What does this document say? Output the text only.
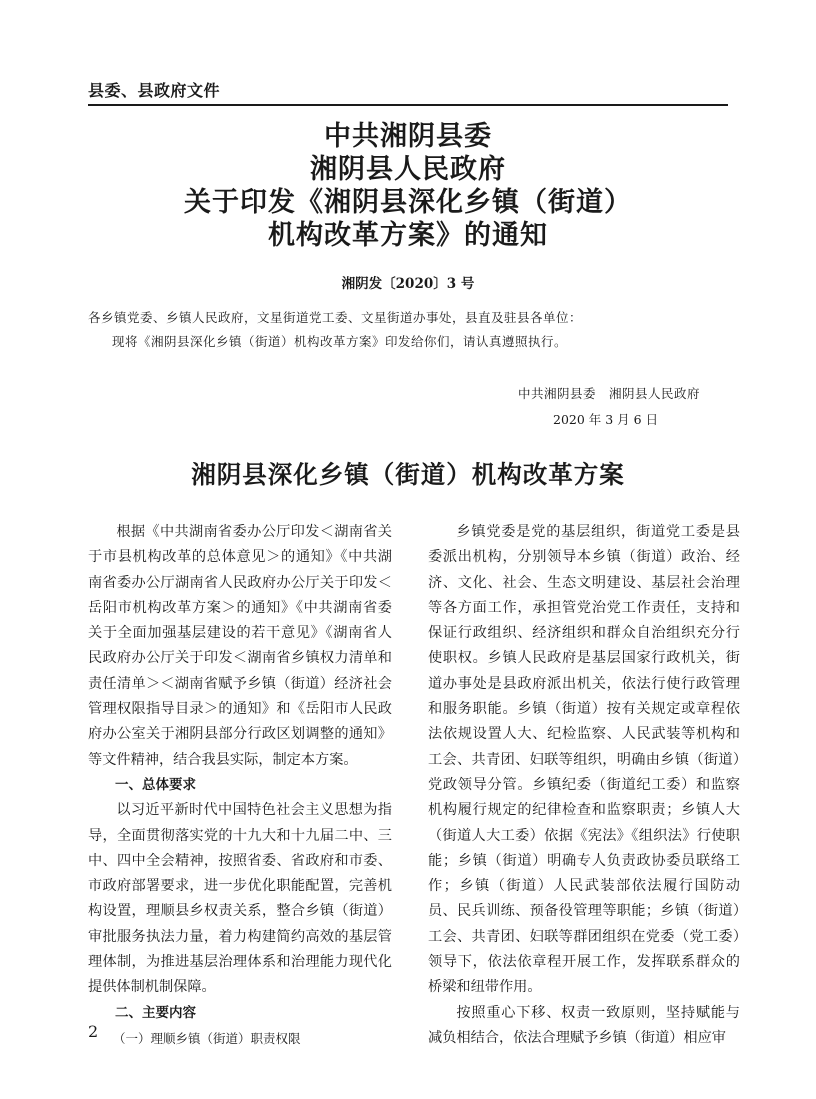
县委、县政府文件
中共湘阴县委
湘阴县人民政府
关于印发《湘阴县深化乡镇（街道）
机构改革方案》的通知
湘阴发〔2020〕3 号
各乡镇党委、乡镇人民政府，文星街道党工委、文星街道办事处，县直及驻县各单位：
现将《湘阴县深化乡镇（街道）机构改革方案》印发给你们，请认真遵照执行。
中共湘阴县委　湘阴县人民政府
2020 年 3 月 6 日
湘阴县深化乡镇（街道）机构改革方案

根据《中共湖南省委办公厅印发＜湖南省关于市县机构改革的总体意见＞的通知》《中共湖南省委办公厅湖南省人民政府办公厅关于印发＜岳阳市机构改革方案＞的通知》《中共湖南省委关于全面加强基层建设的若干意见》《湖南省人民政府办公厅关于印发＜湖南省乡镇权力清单和责任清单＞＜湖南省赋予乡镇（街道）经济社会管理权限指导目录＞的通知》和《岳阳市人民政府办公室关于湘阴县部分行政区划调整的通知》等文件精神，结合我县实际，制定本方案。

一、总体要求

以习近平新时代中国特色社会主义思想为指导，全面贯彻落实党的十九大和十九届二中、三中、四中全会精神，按照省委、省政府和市委、市政府部署要求，进一步优化职能配置，完善机构设置，理顺县乡权责关系，整合乡镇（街道）审批服务执法力量，着力构建简约高效的基层管理体制，为推进基层治理体系和治理能力现代化提供体制机制保障。

二、主要内容

（一）理顺乡镇（街道）职责权限

乡镇党委是党的基层组织，街道党工委是县委派出机构，分别领导本乡镇（街道）政治、经济、文化、社会、生态文明建设、基层社会治理等各方面工作，承担管党治党工作责任，支持和保证行政组织、经济组织和群众自治组织充分行使职权。乡镇人民政府是基层国家行政机关，街道办事处是县政府派出机关，依法行使行政管理和服务职能。乡镇（街道）按有关规定或章程依法依规设置人大、纪检监察、人民武装等机构和工会、共青团、妇联等组织，明确由乡镇（街道）党政领导分管。乡镇纪委（街道纪工委）和监察机构履行规定的纪律检查和监察职责；乡镇人大（街道人大工委）依据《宪法》《组织法》行使职能；乡镇（街道）明确专人负责政协委员联络工作；乡镇（街道）人民武装部依法履行国防动员、民兵训练、预备役管理等职能；乡镇（街道）工会、共青团、妇联等群团组织在党委（党工委）领导下，依法依章程开展工作，发挥联系群众的桥梁和纽带作用。

按照重心下移、权责一致原则，坚持赋能与减负相结合，依法合理赋予乡镇（街道）相应审

2
